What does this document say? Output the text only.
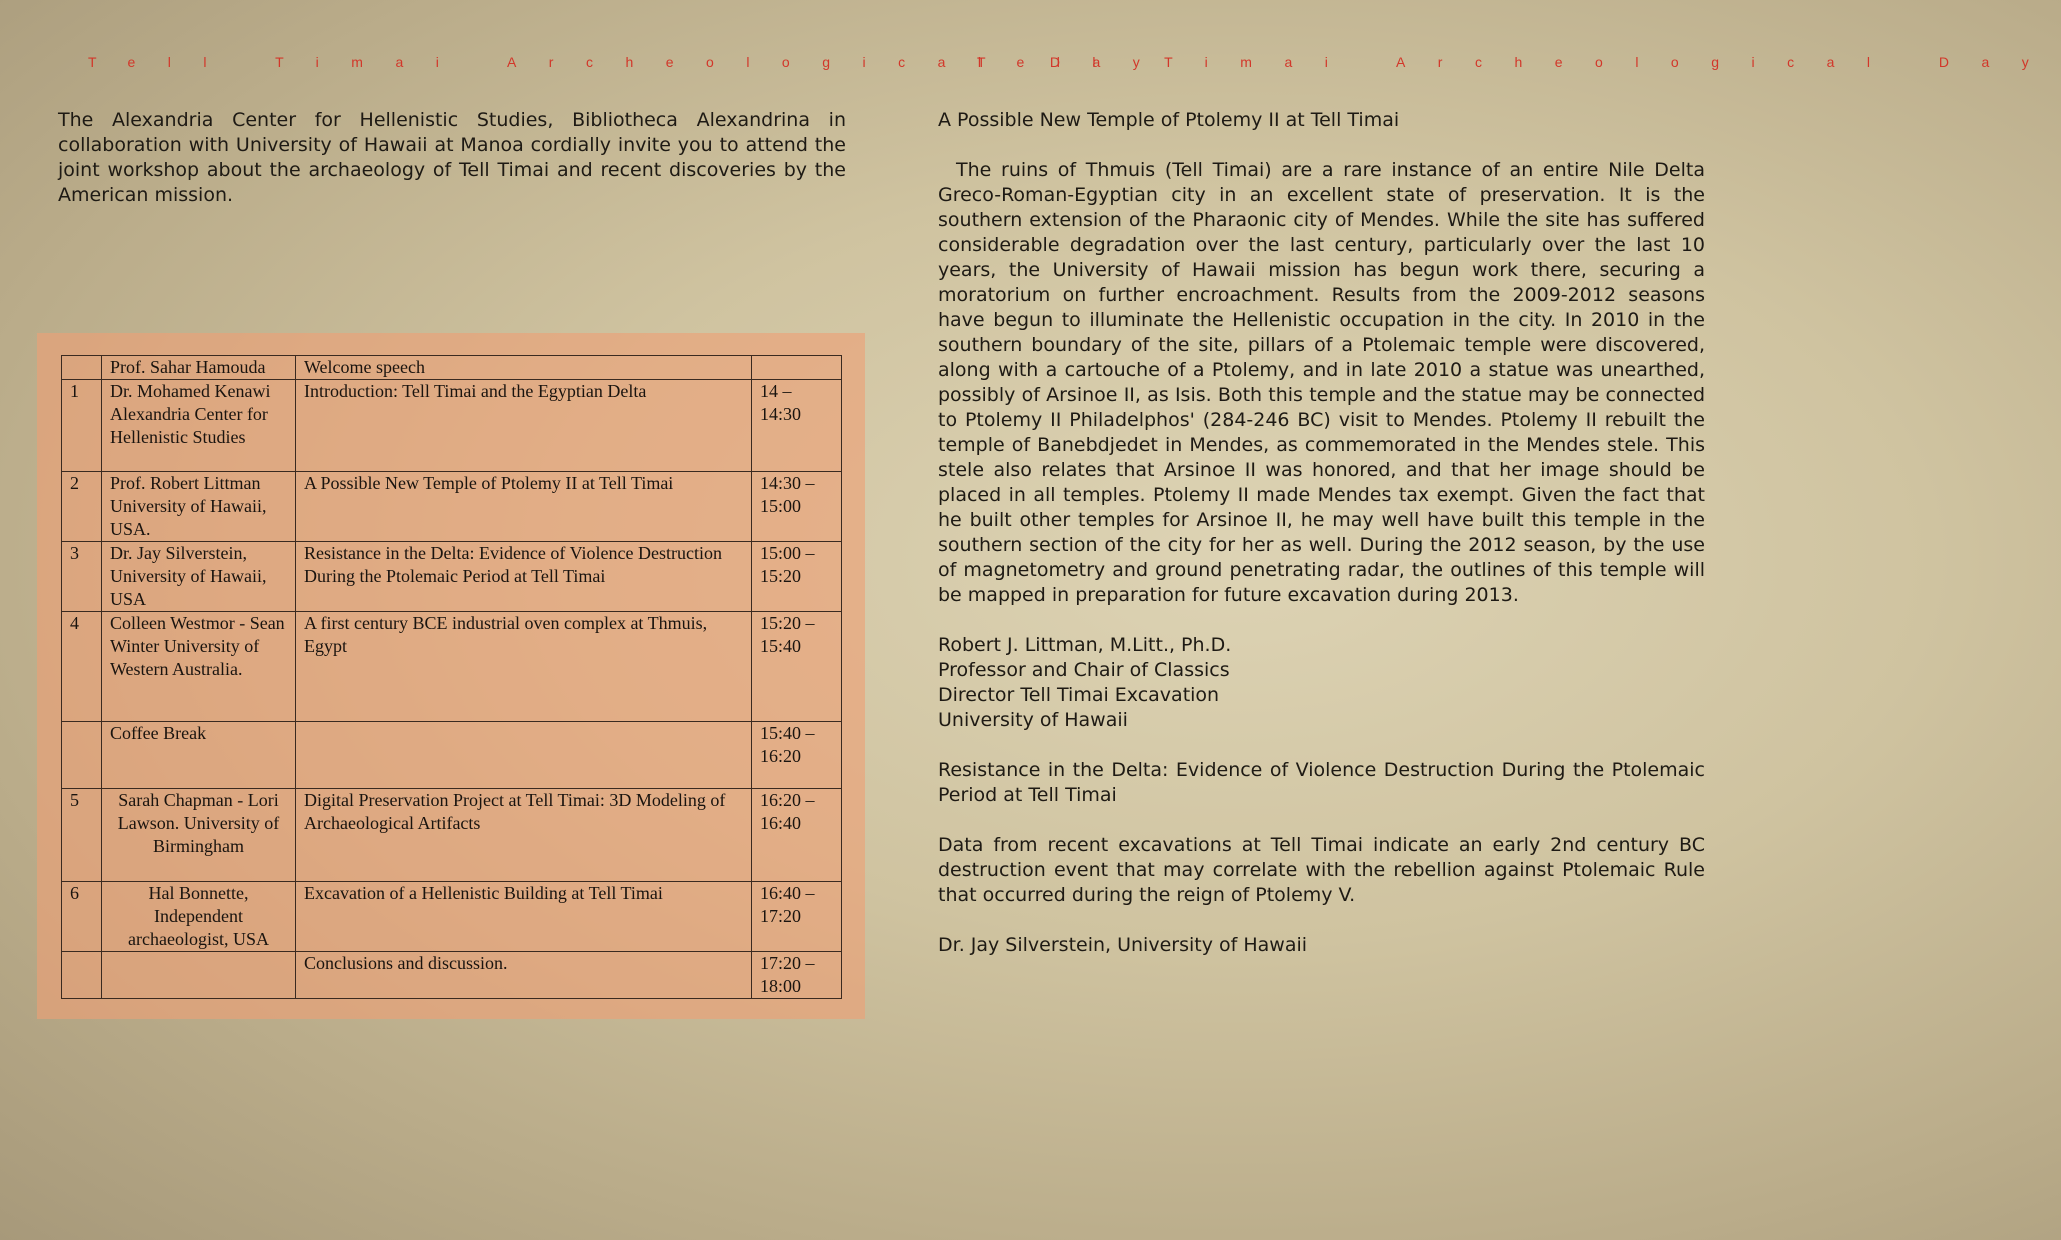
Tell Timai Archeological Day

The Alexandria Center for Hellenistic Studies, Bibliotheca Alexandrina in collaboration with University of Hawaii at Manoa cordially invite you to attend the joint workshop about the archaeology of Tell Timai and recent discoveries by the American mission.

	Prof. Sahar Hamouda	Welcome speech	
1	Dr. Mohamed Kenawi Alexandria Center for Hellenistic Studies	Introduction: Tell Timai and the Egyptian Delta	14 – 14:30
2	Prof. Robert Littman University of Hawaii, USA.	A Possible New Temple of Ptolemy II at Tell Timai	14:30 – 15:00
3	Dr. Jay Silverstein, University of Hawaii, USA	Resistance in the Delta: Evidence of Violence Destruction During the Ptolemaic Period at Tell Timai	15:00 – 15:20
4	Colleen Westmor - Sean Winter University of Western Australia.	A first century BCE industrial oven complex at Thmuis, Egypt	15:20 – 15:40
	Coffee Break		15:40 – 16:20
5	Sarah Chapman - Lori Lawson. University of Birmingham	Digital Preservation Project at Tell Timai: 3D Modeling of Archaeological Artifacts	16:20 – 16:40
6	Hal Bonnette, Independent archaeologist, USA	Excavation of a Hellenistic Building at Tell Timai	16:40 – 17:20
		Conclusions and discussion.	17:20 – 18:00

Tell Timai Archeological Day

A Possible New Temple of Ptolemy II at Tell Timai

The ruins of Thmuis (Tell Timai) are a rare instance of an entire Nile Delta Greco-Roman-Egyptian city in an excellent state of preservation. It is the southern extension of the Pharaonic city of Mendes. While the site has suffered considerable degradation over the last century, particularly over the last 10 years, the University of Hawaii mission has begun work there, securing a moratorium on further encroachment. Results from the 2009-2012 seasons have begun to illuminate the Hellenistic occupation in the city. In 2010 in the southern boundary of the site, pillars of a Ptolemaic temple were discovered, along with a cartouche of a Ptolemy, and in late 2010 a statue was unearthed, possibly of Arsinoe II, as Isis. Both this temple and the statue may be connected to Ptolemy II Philadelphos' (284-246 BC) visit to Mendes. Ptolemy II rebuilt the temple of Banebdjedet in Mendes, as commemorated in the Mendes stele. This stele also relates that Arsinoe II was honored, and that her image should be placed in all temples. Ptolemy II made Mendes tax exempt. Given the fact that he built other temples for Arsinoe II, he may well have built this temple in the southern section of the city for her as well. During the 2012 season, by the use of magnetometry and ground penetrating radar, the outlines of this temple will be mapped in preparation for future excavation during 2013.

Robert J. Littman, M.Litt., Ph.D.

Professor and Chair of Classics

Director Tell Timai Excavation

University of Hawaii

Resistance in the Delta: Evidence of Violence Destruction During the Ptolemaic Period at Tell Timai

Data from recent excavations at Tell Timai indicate an early 2nd century BC destruction event that may correlate with the rebellion against Ptolemaic Rule that occurred during the reign of Ptolemy V.

Dr. Jay Silverstein, University of Hawaii
